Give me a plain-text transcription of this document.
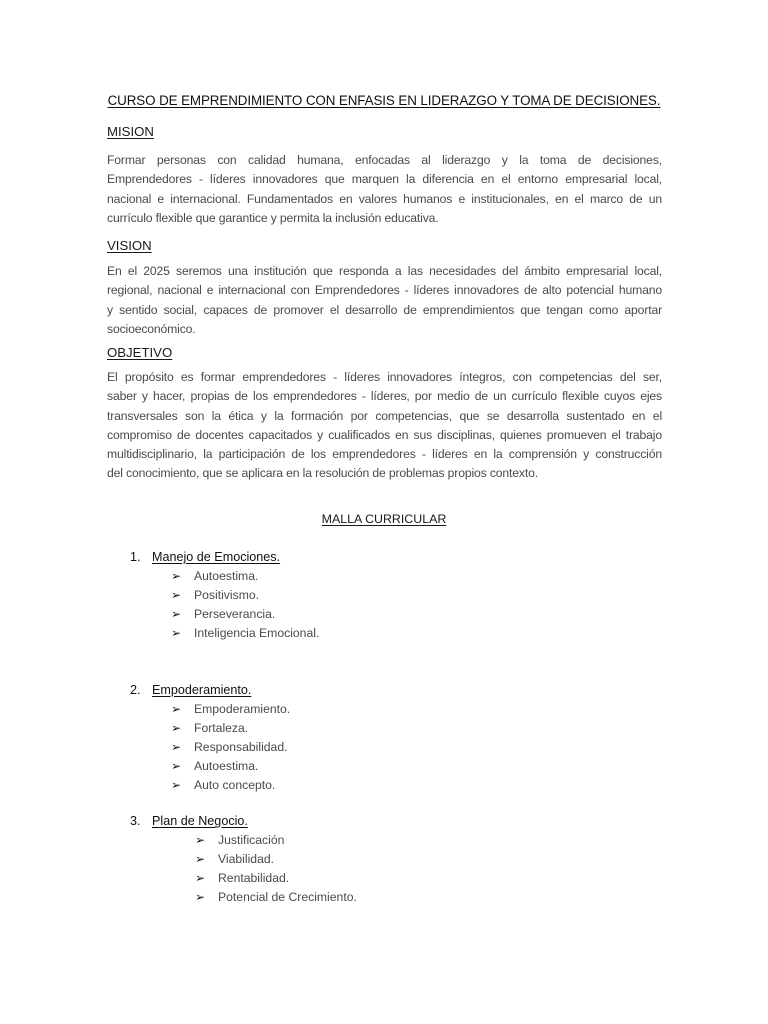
CURSO DE EMPRENDIMIENTO CON ENFASIS EN LIDERAZGO Y TOMA DE DECISIONES.
MISION
Formar personas con calidad humana, enfocadas al liderazgo y la toma de decisiones,
Emprendedores - líderes innovadores que marquen la diferencia en el entorno empresarial local,
nacional e internacional. Fundamentados en valores humanos e institucionales, en el marco de un
currículo flexible que garantice y permita la inclusión educativa.
VISION
En el 2025 seremos una institución que responda a las necesidades del ámbito empresarial local,
regional, nacional e internacional con Emprendedores - líderes innovadores de alto potencial humano
y sentido social, capaces de promover el desarrollo de emprendimientos que tengan como aportar
socioeconómico.
OBJETIVO
El propósito es formar emprendedores - líderes innovadores íntegros, con competencias del ser,
saber y hacer, propias de los emprendedores - líderes, por medio de un currículo flexible cuyos ejes
transversales son la ética y la formación por competencias, que se desarrolla sustentado en el
compromiso de docentes capacitados y cualificados en sus disciplinas, quienes promueven el trabajo
multidisciplinario, la participación de los emprendedores - líderes en la comprensión y construcción
del conocimiento, que se aplicara en la resolución de problemas propios contexto.
MALLA CURRICULAR
1. Manejo de Emociones.
➢ Autoestima.
➢ Positivismo.
➢ Perseverancia.
➢ Inteligencia Emocional.
2. Empoderamiento.
➢ Empoderamiento.
➢ Fortaleza.
➢ Responsabilidad.
➢ Autoestima.
➢ Auto concepto.
3. Plan de Negocio.
➢ Justificación
➢ Viabilidad.
➢ Rentabilidad.
➢ Potencial de Crecimiento.
